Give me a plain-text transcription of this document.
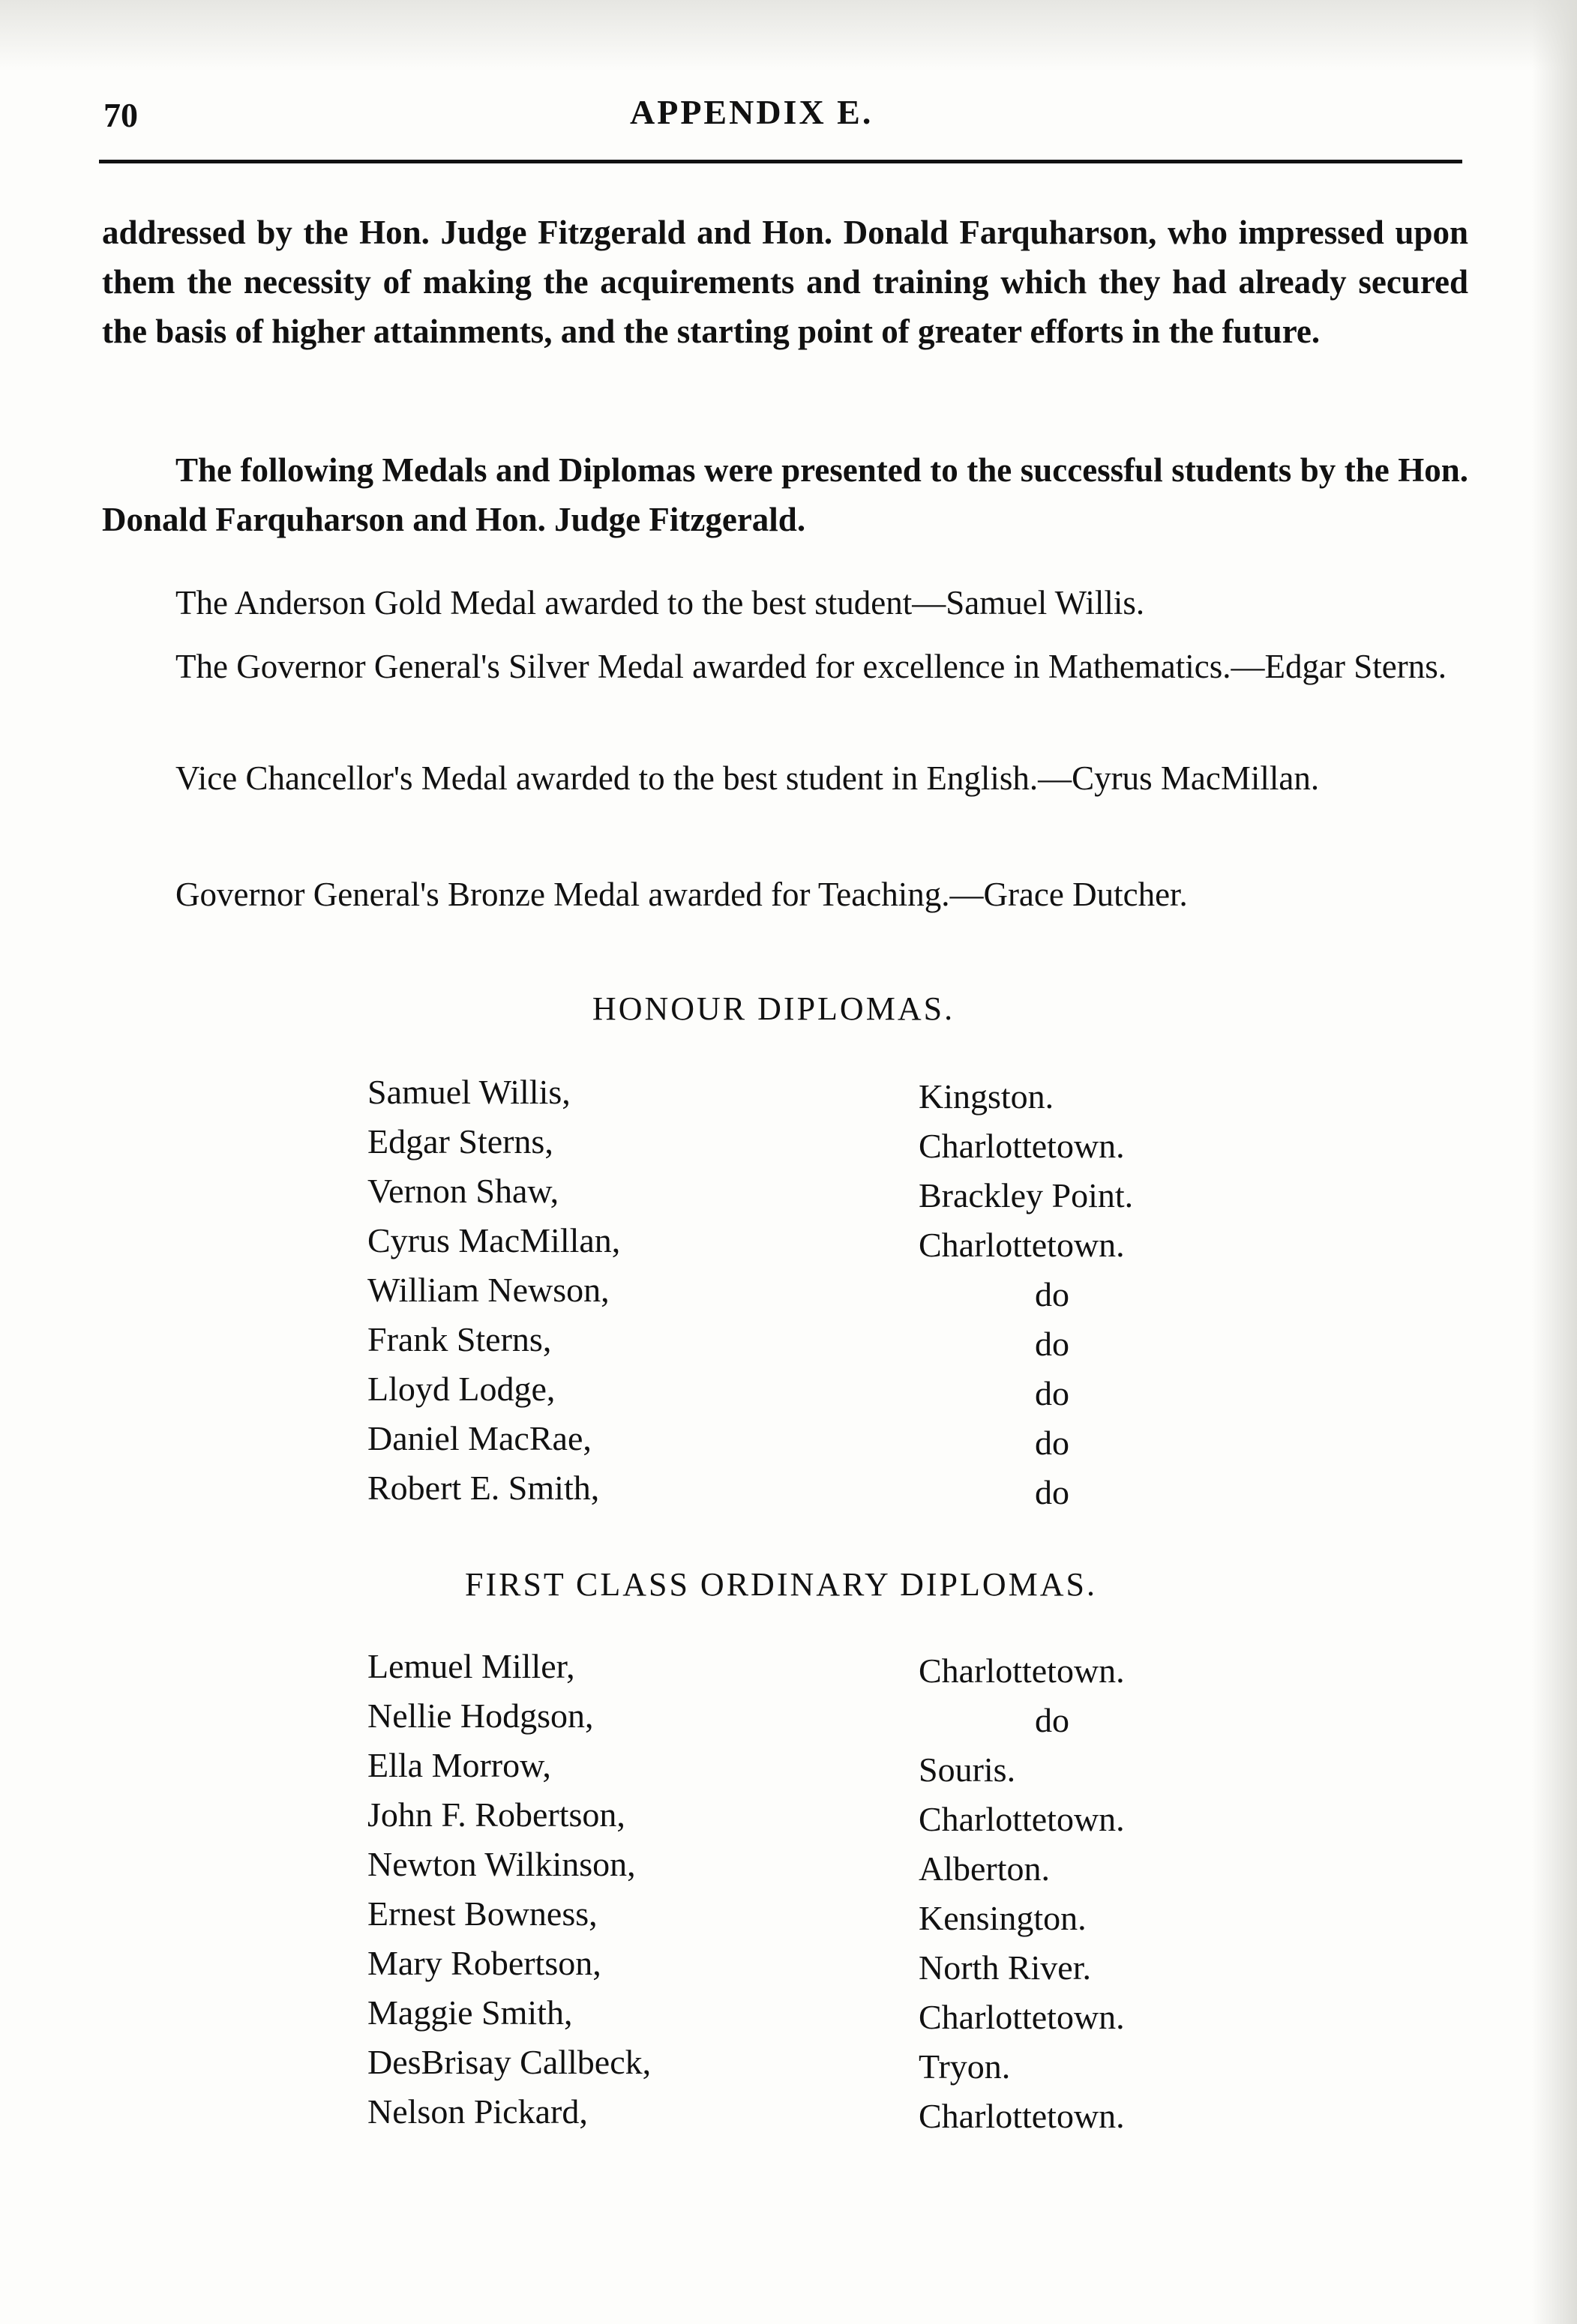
70	APPENDIX E.

addressed by the Hon. Judge Fitzgerald and Hon. Donald Farquharson, who impressed upon them the necessity of making the acquirements and training which they had already secured the basis of higher attainments, and the starting point of greater efforts in the future.

The following Medals and Diplomas were presented to the successful students by the Hon. Donald Farquharson and Hon. Judge Fitzgerald.

The Anderson Gold Medal awarded to the best student—Samuel Willis.

The Governor General's Silver Medal awarded for excellence in Mathematics.—Edgar Sterns.

Vice Chancellor's Medal awarded to the best student in English.—Cyrus MacMillan.

Governor General's Bronze Medal awarded for Teaching.—Grace Dutcher.

HONOUR DIPLOMAS.
Samuel Willis,	Kingston.
Edgar Sterns,	Charlottetown.
Vernon Shaw,	Brackley Point.
Cyrus MacMillan,	Charlottetown.
William Newson,	do
Frank Sterns,	do
Lloyd Lodge,	do
Daniel MacRae,	do
Robert E. Smith,	do
FIRST CLASS ORDINARY DIPLOMAS.
Lemuel Miller,	Charlottetown.
Nellie Hodgson,	do
Ella Morrow,	Souris.
John F. Robertson,	Charlottetown.
Newton Wilkinson,	Alberton.
Ernest Bowness,	Kensington.
Mary Robertson,	North River.
Maggie Smith,	Charlottetown.
DesBrisay Callbeck,	Tryon.
Nelson Pickard,	Charlottetown.
